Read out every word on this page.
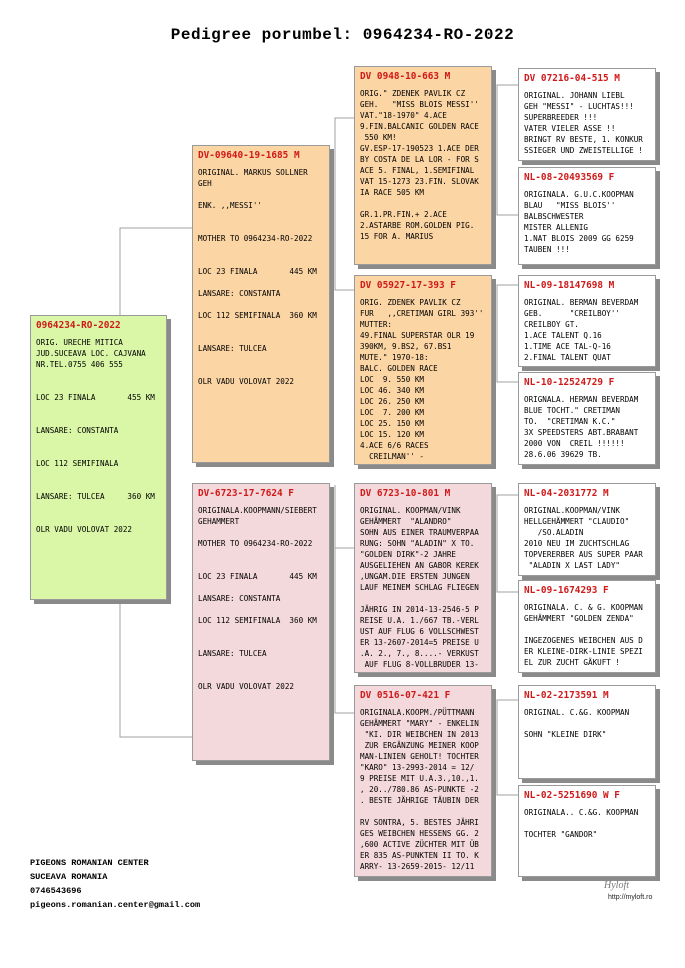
Pedigree porumbel: 0964234-RO-2022
0964234-RO-2022
ORIG. URECHE MITICA
JUD.SUCEAVA LOC. CAJVANA
NR.TEL.0755 406 555
LOC 23 FINALA       455 KM
LANSARE: CONSTANTA
LOC 112 SEMIFINALA
LANSARE: TULCEA     360 KM
OLR VADU VOLOVAT 2022
DV-09640-19-1685 M
ORIGINAL. MARKUS SOLLNER
GEH
ENK. ,,MESSI''
MOTHER TO 0964234-RO-2022
LOC 23 FINALA       445 KM
LANSARE: CONSTANTA
LOC 112 SEMIFINALA  360 KM
LANSARE: TULCEA
OLR VADU VOLOVAT 2022
DV-6723-17-7624 F
ORIGINALA.KOOPMANN/SIEBERT
GEHAMMERT
MOTHER TO 0964234-RO-2022
LOC 23 FINALA       445 KM
LANSARE: CONSTANTA
LOC 112 SEMIFINALA  360 KM
LANSARE: TULCEA
OLR VADU VOLOVAT 2022
DV 0948-10-663 M
ORIG." ZDENEK PAVLIK CZ
GEH.   "MISS BLOIS MESSI''
VAT."18-1970" 4.ACE
9.FIN.BALCANIC GOLDEN RACE
550 KM!
GV.ESP-17-190523 1.ACE DER
BY COSTA DE LA LOR - FOR S
ACE 5. FINAL, 1.SEMIFINAL
VAT 15-1273 23.FIN. SLOVAK
IA RACE 505 KM
GR.1.PR.FIN.+ 2.ACE
2.ASTARBE ROM.GOLDEN PIG.
15 FOR A. MARIUS
DV 05927-17-393 F
ORIG. ZDENEK PAVLIK CZ
FUR   ,,CRETIMAN GIRL 393''
MUTTER:
49.FINAL SUPERSTAR OLR 19
390KM, 9.BS2, 67.BS1
MUTE." 1970-18:
BALC. GOLDEN RACE
LOC  9. 550 KM
LOC 46. 340 KM
LOC 26. 250 KM
LOC  7. 200 KM
LOC 25. 150 KM
LOC 15. 120 KM
4.ACE 6/6 RACES
CREILMAN'' -
DV 6723-10-801 M
ORIGINAL. KOOPMAN/VINK
GEHÄMMERT  "ALANDRO"
SOHN AUS EINER TRAUMVERPAA
RUNG: SOHN "ALADIN" X TO.
"GOLDEN DIRK"-2 JAHRE
AUSGELIEHEN AN GABOR KEREK
,UNGAM.DIE ERSTEN JUNGEN
LAUF MEINEM SCHLAG FLIEGEN
JÄHRIG IN 2014-13-2546-5 P
REISE U.A. 1./667 TB.-VERL
UST AUF FLUG 6 VOLLSCHWEST
ER 13-2607-2014=5 PREISE U
.A. 2., 7., 8....- VERKUST
AUF FLUG 8-VOLLBRUDER 13-
DV 0516-07-421 F
ORIGINALA.KOOPM./PÜTTMANN
GEHÄMMERT "MARY" - ENKELIN
"KI. DIR WEIBCHEN IN 2013
ZUR ERGÄNZUNG MEINER KOOP
MAN-LINIEN GEHOLT! TOCHTER
"KARO" 13-2993-2014 = 12/
9 PREISE MIT U.A.3.,10.,1.
, 20../780.86 AS-PUNKTE -2
. BESTE JÄHRIGE TÄUBIN DER
RV SONTRA, 5. BESTES JÄHRI
GES WEIBCHEN HESSENS GG. 2
,600 ACTIVE ZÜCHTER MIT ÜB
ER 835 AS-PUNKTEN II TO. K
ARRY- 13-2659-2015- 12/11
DV 07216-04-515 M
ORIGINAL. JOHANN LIEBL
GEH "MESSI" - LUCHTAS!!!
SUPERBREEDER !!!
VATER VIELER ASSE !!
BRINGT RV BESTE, 1. KONKUR
SSIEGER UND ZWEISTELLIGE !
NL-08-20493569 F
ORIGINALA. G.U.C.KOOPMAN
BLAU   "MISS BLOIS''
BALBSCHWESTER
MISTER ALLENIG
1.NAT BLOIS 2009 GG 6259
TAUBEN !!!
NL-09-18147698 M
ORIGINAL. BERMAN BEVERDAM
GEB.      "CREILBOY''
CREILBOY GT.
1.ACE TALENT Q.16
1.TIME ACE TAL-Q-16
2.FINAL TALENT QUAT
NL-10-12524729 F
ORIGNALA. HERMAN BEVERDAM
BLUE TOCHT." CRETIMAN
TO.  "CRETIMAN K.C."
3X SPEEDSTERS ABT.BRABANT
2000 VON  CREIL !!!!!!
28.6.06 39629 TB.
NL-04-2031772 M
ORIGINAL.KOOPMAN/VINK
HELLGEHÄMMERT "CLAUDIO"
/SO.ALADIN
2010 NEU IM ZUCHTSCHLAG
TOPVERERBER AUS SUPER PAAR
"ALADIN X LAST LADY"
NL-09-1674293 F
ORIGINALA. C. & G. KOOPMAN
GEHÄMMERT "GOLDEN ZENDA"
INGEZOGENES WEIBCHEN AUS D
ER KLEINE-DIRK-LINIE SPEZI
EL ZUR ZUCHT GÄKUFT !
NL-02-2173591 M
ORIGINAL. C.&G. KOOPMAN
SOHN "KLEINE DIRK"
NL-02-5251690 W F
ORIGINALA.. C.&G. KOOPMAN
TOCHTER "GANDOR"
PIGEONS ROMANIAN CENTER
SUCEAVA ROMANIA
0746543696
pigeons.romanian.center@gmail.com
Hyloft
http://myloft.ro
